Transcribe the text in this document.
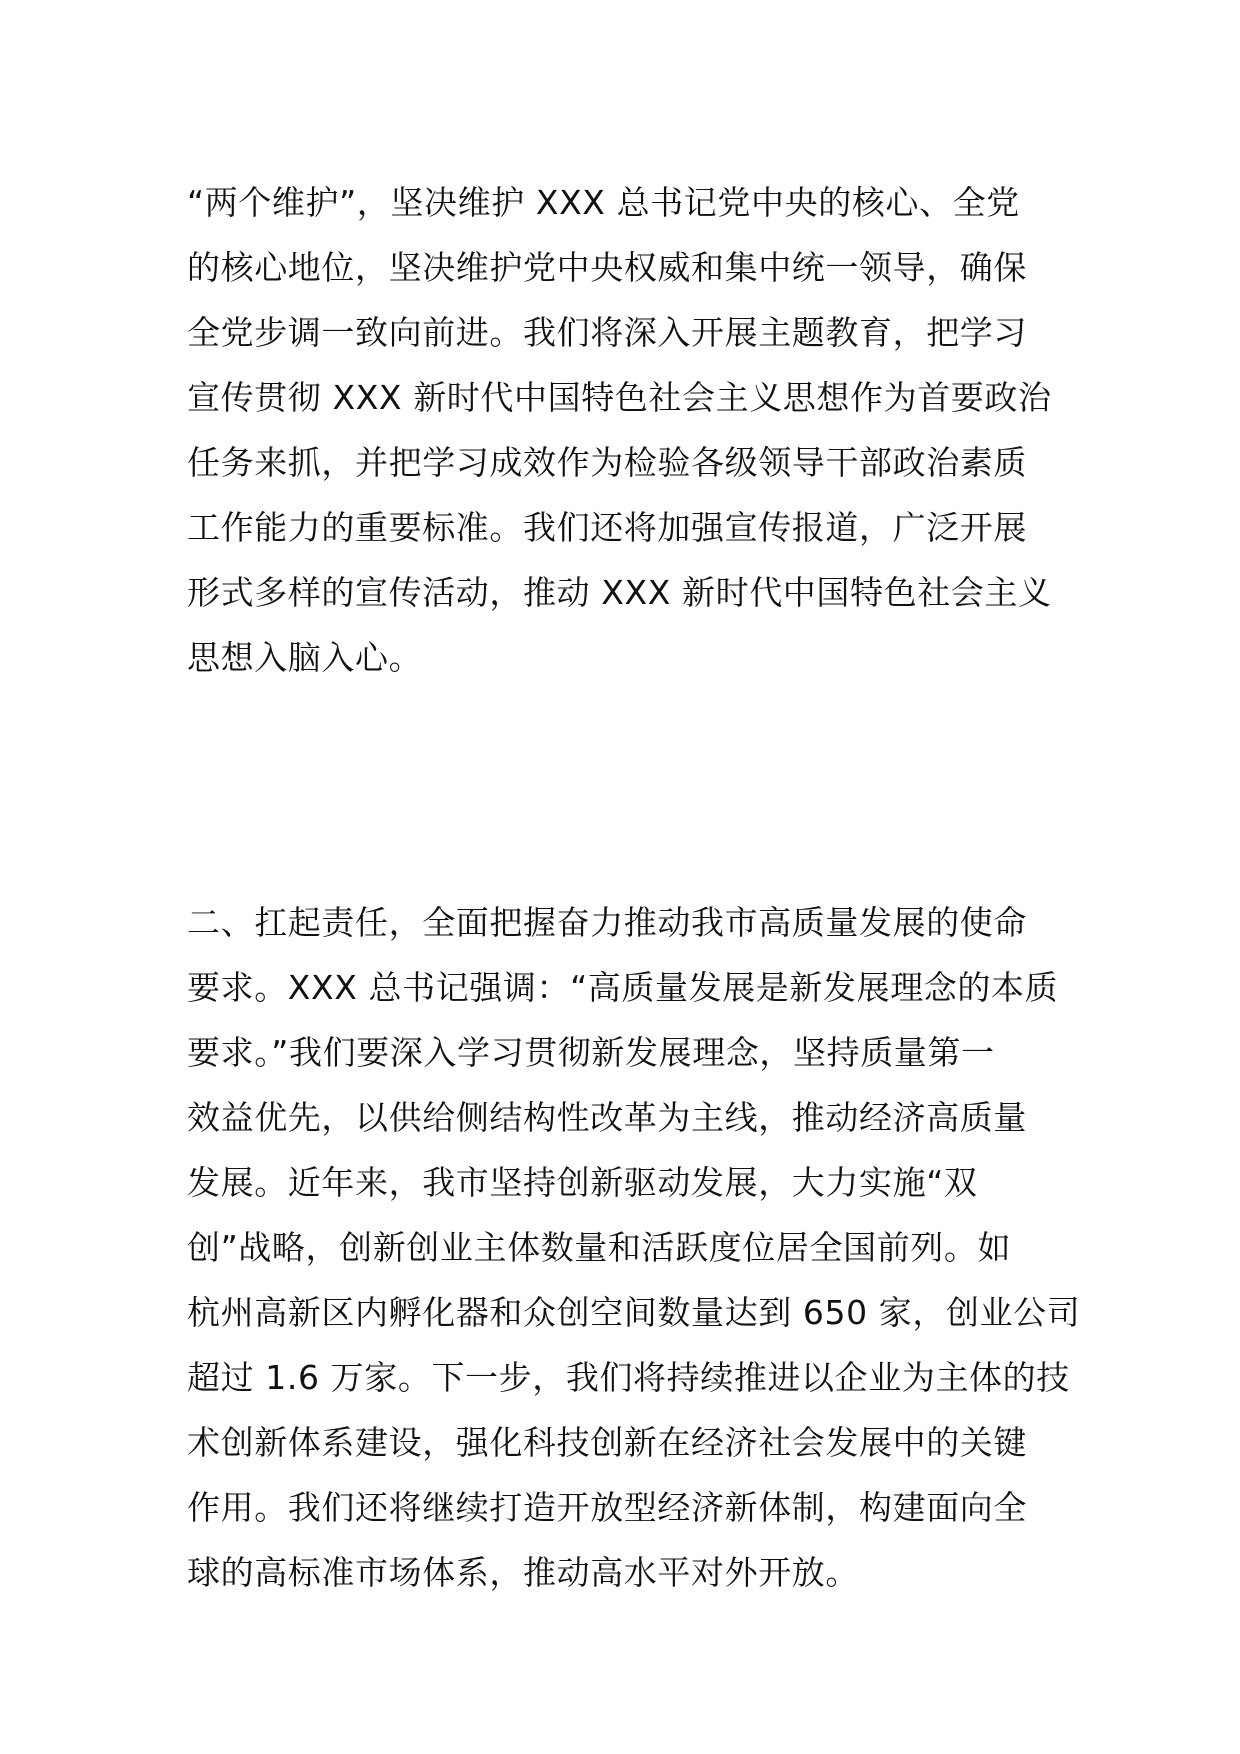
“两个维护”，坚决维护 XXX 总书记党中央的核心、全党
的核心地位，坚决维护党中央权威和集中统一领导，确保
全党步调一致向前进。我们将深入开展主题教育，把学习
宣传贯彻 XXX 新时代中国特色社会主义思想作为首要政治
任务来抓，并把学习成效作为检验各级领导干部政治素质
工作能力的重要标准。我们还将加强宣传报道，广泛开展
形式多样的宣传活动，推动 XXX 新时代中国特色社会主义
思想入脑入心。
二、扛起责任，全面把握奋力推动我市高质量发展的使命
要求。XXX 总书记强调：“高质量发展是新发展理念的本质
要求。”我们要深入学习贯彻新发展理念，坚持质量第一
效益优先，以供给侧结构性改革为主线，推动经济高质量
发展。近年来，我市坚持创新驱动发展，大力实施“双
创”战略，创新创业主体数量和活跃度位居全国前列。如
杭州高新区内孵化器和众创空间数量达到 650 家，创业公司
超过 1.6 万家。下一步，我们将持续推进以企业为主体的技
术创新体系建设，强化科技创新在经济社会发展中的关键
作用。我们还将继续打造开放型经济新体制，构建面向全
球的高标准市场体系，推动高水平对外开放。
